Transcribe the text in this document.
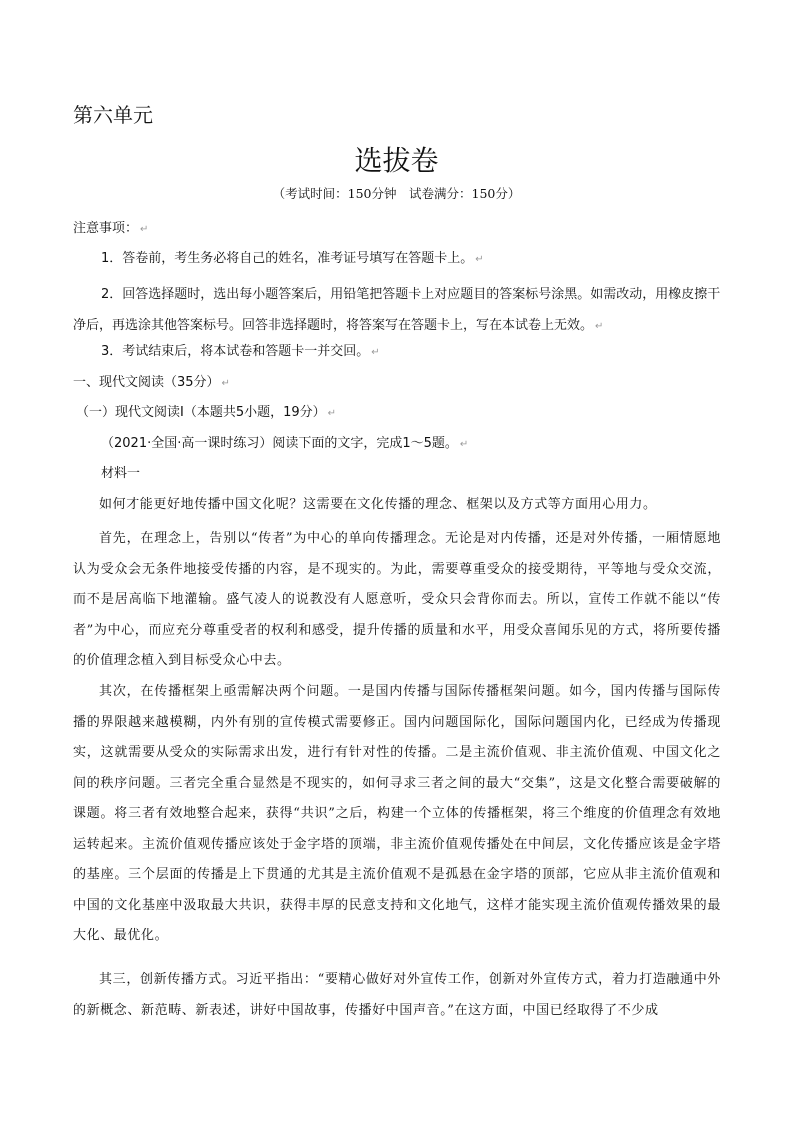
第六单元
选拔卷
（考试时间：150分钟　试卷满分：150分）
注意事项： ↵
1．答卷前，考生务必将自己的姓名，准考证号填写在答题卡上。 ↵
2．回答选择题时，选出每小题答案后，用铅笔把答题卡上对应题目的答案标号涂黑。如需改动，用橡皮擦干净后，再选涂其他答案标号。回答非选择题时，将答案写在答题卡上，写在本试卷上无效。 ↵
3．考试结束后，将本试卷和答题卡一并交回。 ↵
一、现代文阅读（35分） ↵
（一）现代文阅读Ⅰ（本题共5小题，19分） ↵
（2021·全国·高一课时练习）阅读下面的文字，完成1～5题。 ↵
材料一
如何才能更好地传播中国文化呢？这需要在文化传播的理念、框架以及方式等方面用心用力。
首先，在理念上，告别以“传者”为中心的单向传播理念。无论是对内传播，还是对外传播，一厢情愿地认为受众会无条件地接受传播的内容，是不现实的。为此，需要尊重受众的接受期待，平等地与受众交流，而不是居高临下地灌输。盛气凌人的说教没有人愿意听，受众只会背你而去。所以，宣传工作就不能以“传者”为中心，而应充分尊重受者的权利和感受，提升传播的质量和水平，用受众喜闻乐见的方式，将所要传播的价值理念植入到目标受众心中去。
其次，在传播框架上亟需解决两个问题。一是国内传播与国际传播框架问题。如今，国内传播与国际传播的界限越来越模糊，内外有别的宣传模式需要修正。国内问题国际化，国际问题国内化，已经成为传播现实，这就需要从受众的实际需求出发，进行有针对性的传播。二是主流价值观、非主流价值观、中国文化之间的秩序问题。三者完全重合显然是不现实的，如何寻求三者之间的最大“交集”，这是文化整合需要破解的课题。将三者有效地整合起来，获得“共识”之后，构建一个立体的传播框架，将三个维度的价值理念有效地运转起来。主流价值观传播应该处于金字塔的顶端，非主流价值观传播处在中间层，文化传播应该是金字塔的基座。三个层面的传播是上下贯通的尤其是主流价值观不是孤悬在金字塔的顶部，它应从非主流价值观和中国的文化基座中汲取最大共识，获得丰厚的民意支持和文化地气，这样才能实现主流价值观传播效果的最大化、最优化。
其三，创新传播方式。习近平指出：“要精心做好对外宣传工作，创新对外宣传方式，着力打造融通中外的新概念、新范畴、新表述，讲好中国故事，传播好中国声音。”在这方面，中国已经取得了不少成
